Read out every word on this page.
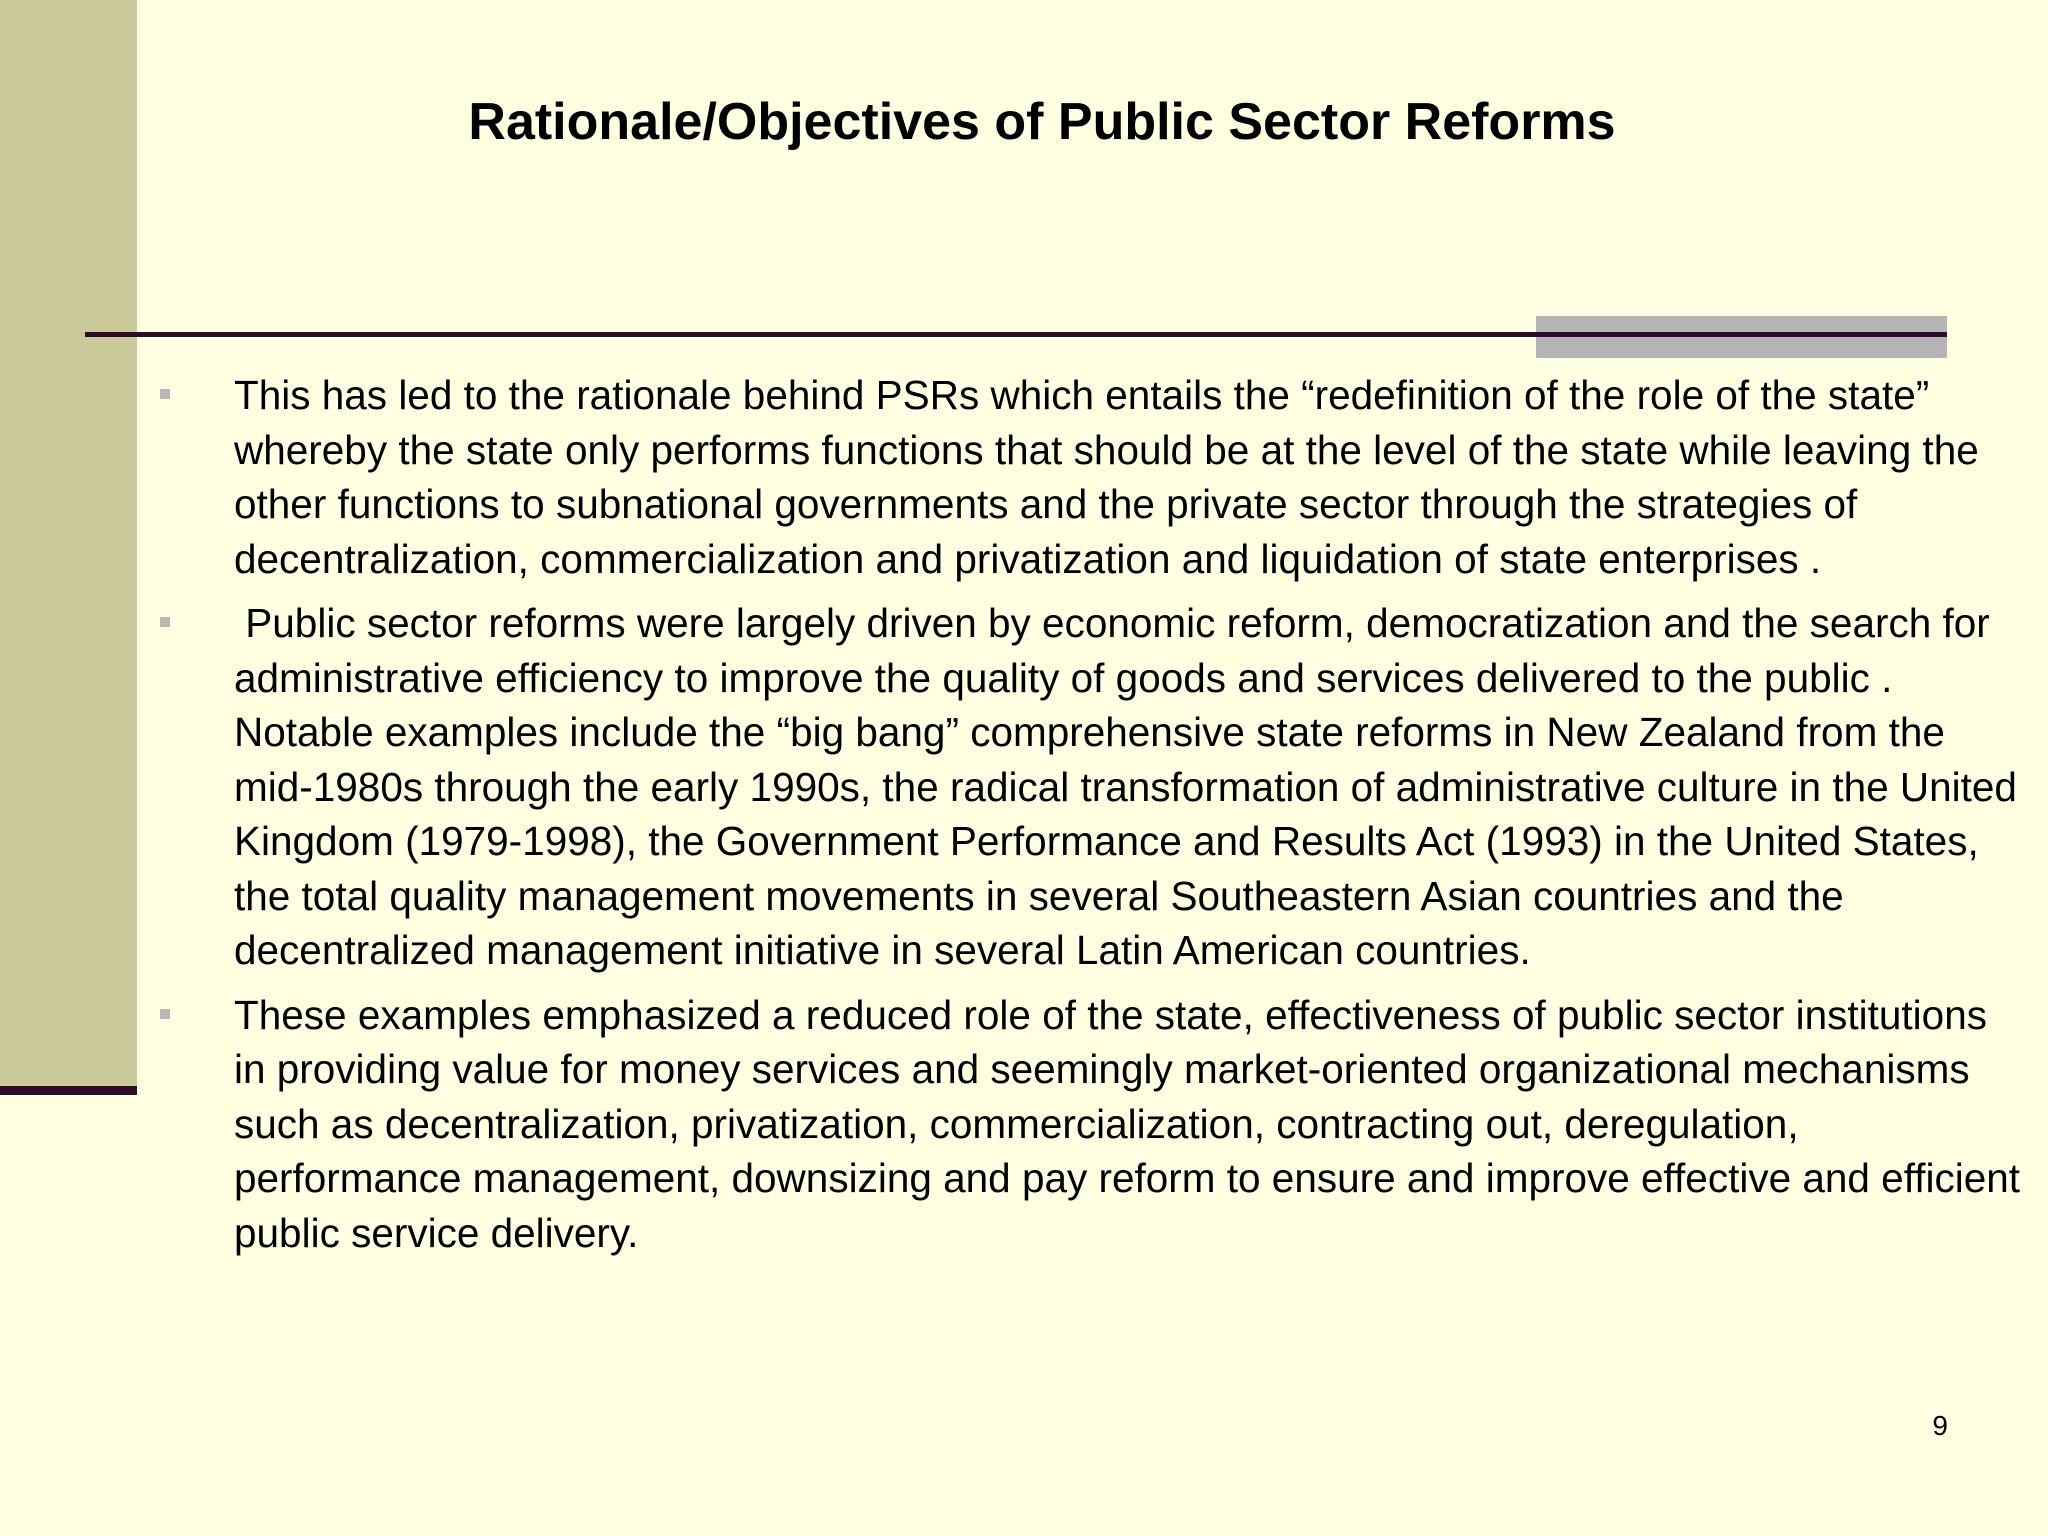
Rationale/Objectives of Public Sector Reforms
This has led to the rationale behind PSRs which entails the “redefinition of the role of the state” whereby the state only performs functions that should be at the level of the state while leaving the other functions to subnational governments and the private sector through the strategies of decentralization, commercialization and privatization and liquidation of state enterprises .
Public sector reforms were largely driven by economic reform, democratization and the search for administrative efficiency to improve the quality of goods and services delivered to the public . Notable examples include the “big bang” comprehensive state reforms in New Zealand from the mid-1980s through the early 1990s, the radical transformation of administrative culture in the United Kingdom (1979-1998), the Government Performance and Results Act (1993) in the United States, the total quality management movements in several Southeastern Asian countries and the decentralized management initiative in several Latin American countries.
These examples emphasized a reduced role of the state, effectiveness of public sector institutions in providing value for money services and seemingly market-oriented organizational mechanisms such as decentralization, privatization, commercialization, contracting out, deregulation, performance management, downsizing and pay reform to ensure and improve effective and efficient public service delivery.
9
